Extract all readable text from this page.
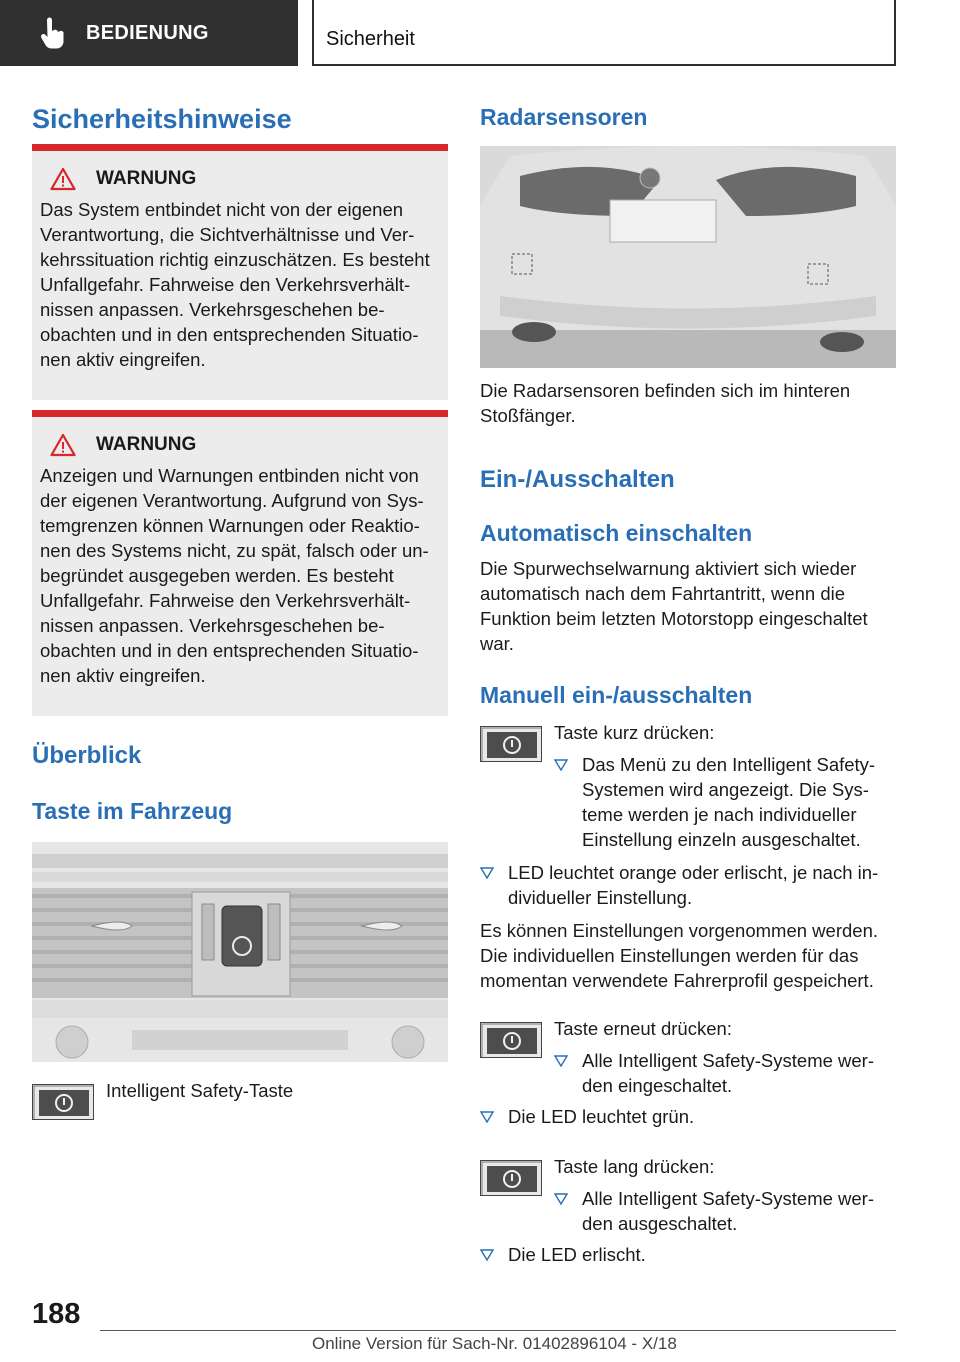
BEDIENUNG	Sicherheit
Sicherheitshinweise
WARNUNG
Das System entbindet nicht von der eigenen Verantwortung, die Sichtverhältnisse und Ver-kehrssituation richtig einzuschätzen. Es besteht Unfallgefahr. Fahrweise den Verkehrsverhält-nissen anpassen. Verkehrsgeschehen be-obachten und in den entsprechenden Situatio-nen aktiv eingreifen.
WARNUNG
Anzeigen und Warnungen entbinden nicht von der eigenen Verantwortung. Aufgrund von Sys-temgrenzen können Warnungen oder Reaktio-nen des Systems nicht, zu spät, falsch oder un-begründet ausgegeben werden. Es besteht Unfallgefahr. Fahrweise den Verkehrsverhält-nissen anpassen. Verkehrsgeschehen be-obachten und in den entsprechenden Situatio-nen aktiv eingreifen.
Überblick
Taste im Fahrzeug
Intelligent Safety-Taste
Radarsensoren
Die Radarsensoren befinden sich im hinteren Stoßfänger.
Ein-/Ausschalten
Automatisch einschalten
Die Spurwechselwarnung aktiviert sich wieder automatisch nach dem Fahrtantritt, wenn die Funktion beim letzten Motorstopp eingeschaltet war.
Manuell ein-/ausschalten
Taste kurz drücken:
Das Menü zu den Intelligent Safety-Systemen wird angezeigt. Die Sys-teme werden je nach individueller Einstellung einzeln ausgeschaltet.
LED leuchtet orange oder erlischt, je nach in-dividueller Einstellung.
Es können Einstellungen vorgenommen werden. Die individuellen Einstellungen werden für das momentan verwendete Fahrerprofil gespeichert.
Taste erneut drücken:
Alle Intelligent Safety-Systeme wer-den eingeschaltet.
Die LED leuchtet grün.
Taste lang drücken:
Alle Intelligent Safety-Systeme wer-den ausgeschaltet.
Die LED erlischt.
188
Online Version für Sach-Nr. 01402896104 - X/18
